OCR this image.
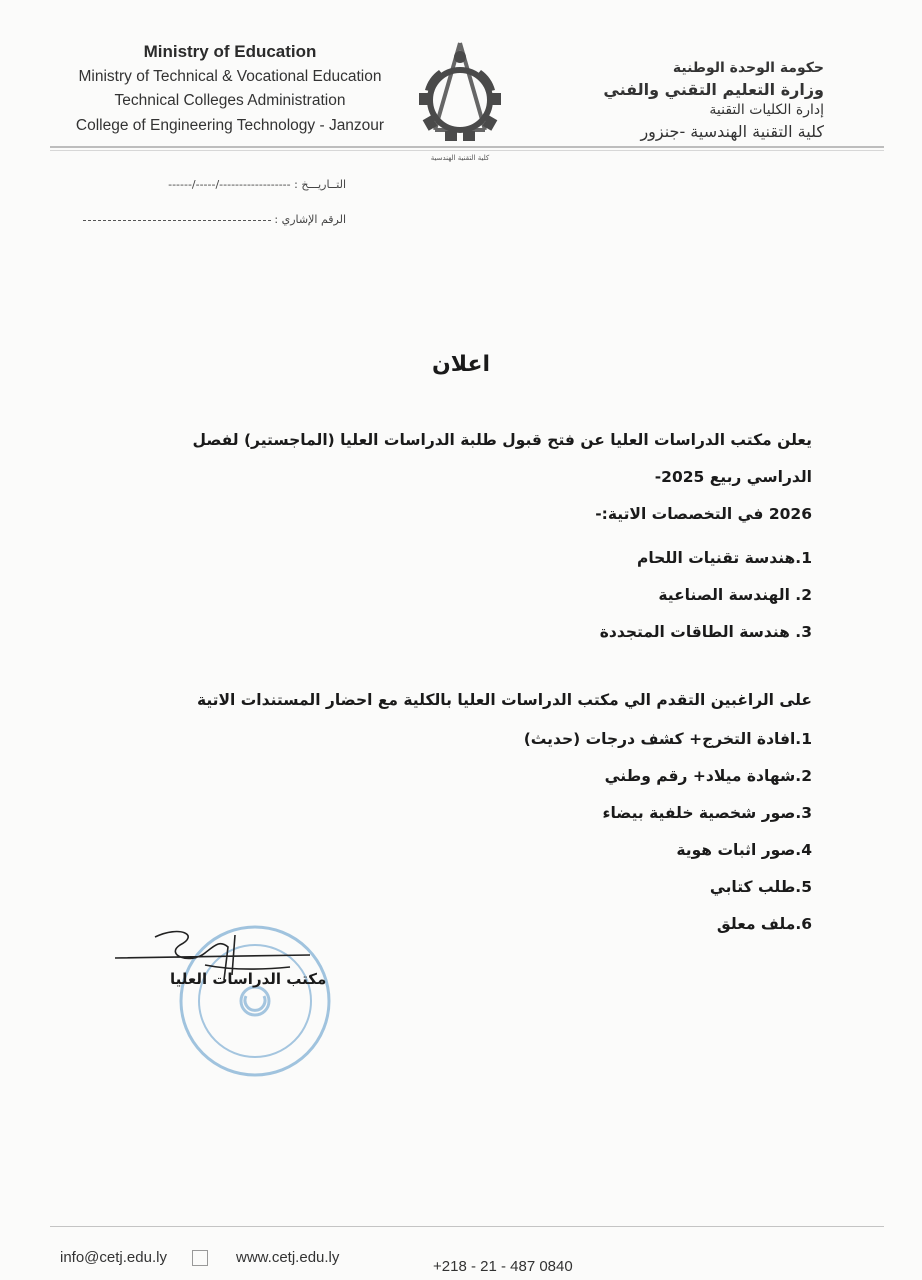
Ministry of Education
Ministry of Technical & Vocational Education
Technical Colleges Administration
College of Engineering Technology - Janzour
كلية التقنية الهندسية
حكومة الوحدة الوطنية
وزارة التعليم التقني والفني
إدارة الكليات التقنية
كلية التقنية الهندسية -جنزور
التــاريـــخ : ------/-----/------------------
الرقم الإشاري :
اعلان
يعلن مكتب الدراسات العليا عن فتح قبول طلبة الدراسات العليا (الماجستير) لفصل الدراسي ربيع 2025-
2026 في التخصصات الاتية:-
1.هندسة تقنيات اللحام
2. الهندسة الصناعية
3. هندسة الطاقات المتجددة
على الراغبين التقدم الي مكتب الدراسات العليا بالكلية مع احضار المستندات الاتية
1.افادة التخرج+ كشف درجات (حديث)
2.شهادة ميلاد+ رقم وطني
3.صور شخصية خلفية بيضاء
4.صور اثبات هوية
5.طلب كتابي
6.ملف معلق
مكتب الدراسات العليا
info@cetj.edu.ly	www.cetj.edu.ly
+218 - 21 - 487 0840
